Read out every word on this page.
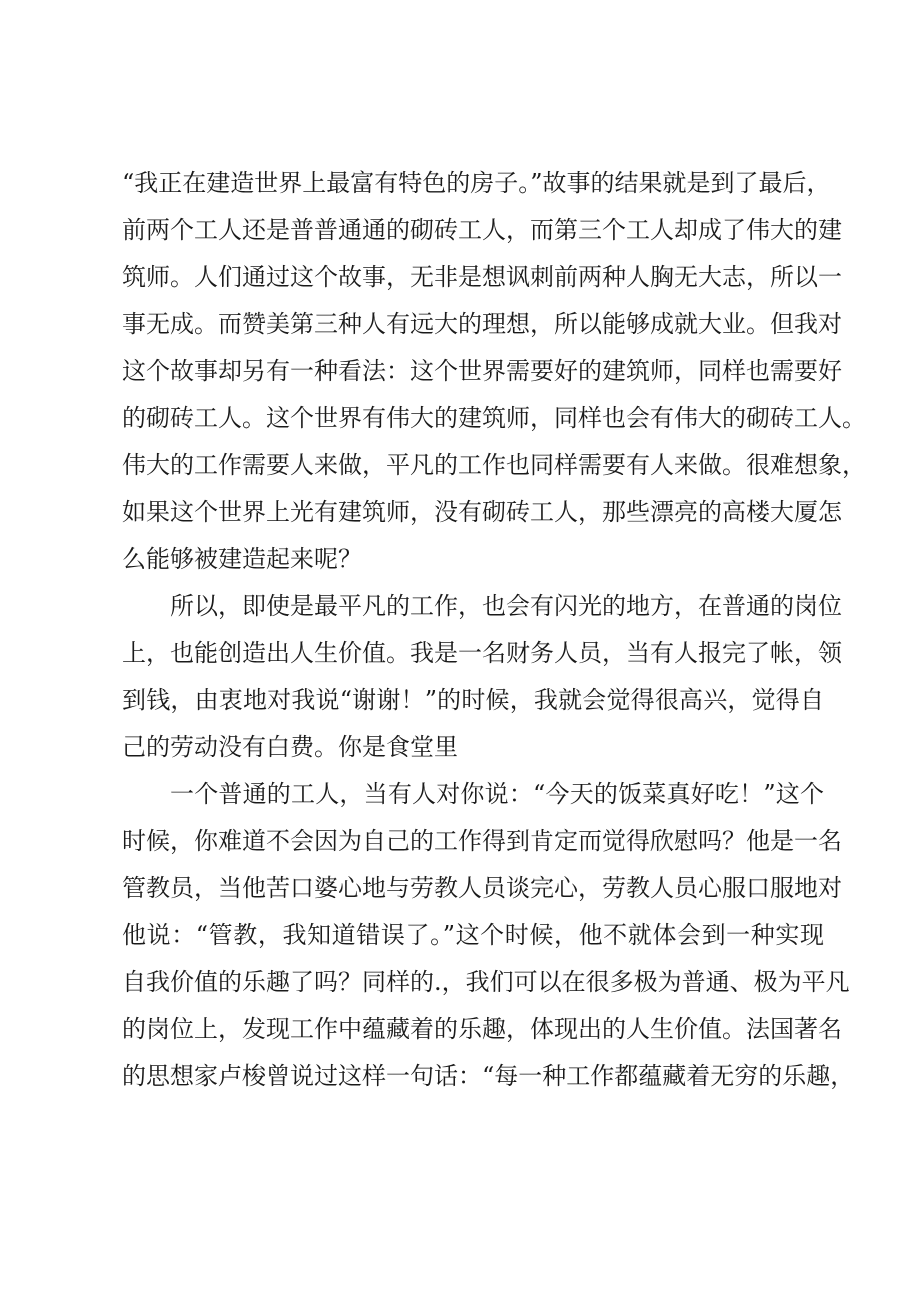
“我正在建造世界上最富有特色的房子。”故事的结果就是到了最后，
前两个工人还是普普通通的砌砖工人，而第三个工人却成了伟大的建
筑师。人们通过这个故事，无非是想讽刺前两种人胸无大志，所以一
事无成。而赞美第三种人有远大的理想，所以能够成就大业。但我对
这个故事却另有一种看法：这个世界需要好的建筑师，同样也需要好
的砌砖工人。这个世界有伟大的建筑师，同样也会有伟大的砌砖工人。
伟大的工作需要人来做，平凡的工作也同样需要有人来做。很难想象，
如果这个世界上光有建筑师，没有砌砖工人，那些漂亮的高楼大厦怎
么能够被建造起来呢？
所以，即使是最平凡的工作，也会有闪光的地方，在普通的岗位
上，也能创造出人生价值。我是一名财务人员，当有人报完了帐，领
到钱，由衷地对我说“谢谢！”的时候，我就会觉得很高兴，觉得自
己的劳动没有白费。你是食堂里
一个普通的工人，当有人对你说：“今天的饭菜真好吃！”这个
时候，你难道不会因为自己的工作得到肯定而觉得欣慰吗？他是一名
管教员，当他苦口婆心地与劳教人员谈完心，劳教人员心服口服地对
他说：“管教，我知道错误了。”这个时候，他不就体会到一种实现
自我价值的乐趣了吗？同样的.，我们可以在很多极为普通、极为平凡
的岗位上，发现工作中蕴藏着的乐趣，体现出的人生价值。法国著名
的思想家卢梭曾说过这样一句话：“每一种工作都蕴藏着无穷的乐趣，
